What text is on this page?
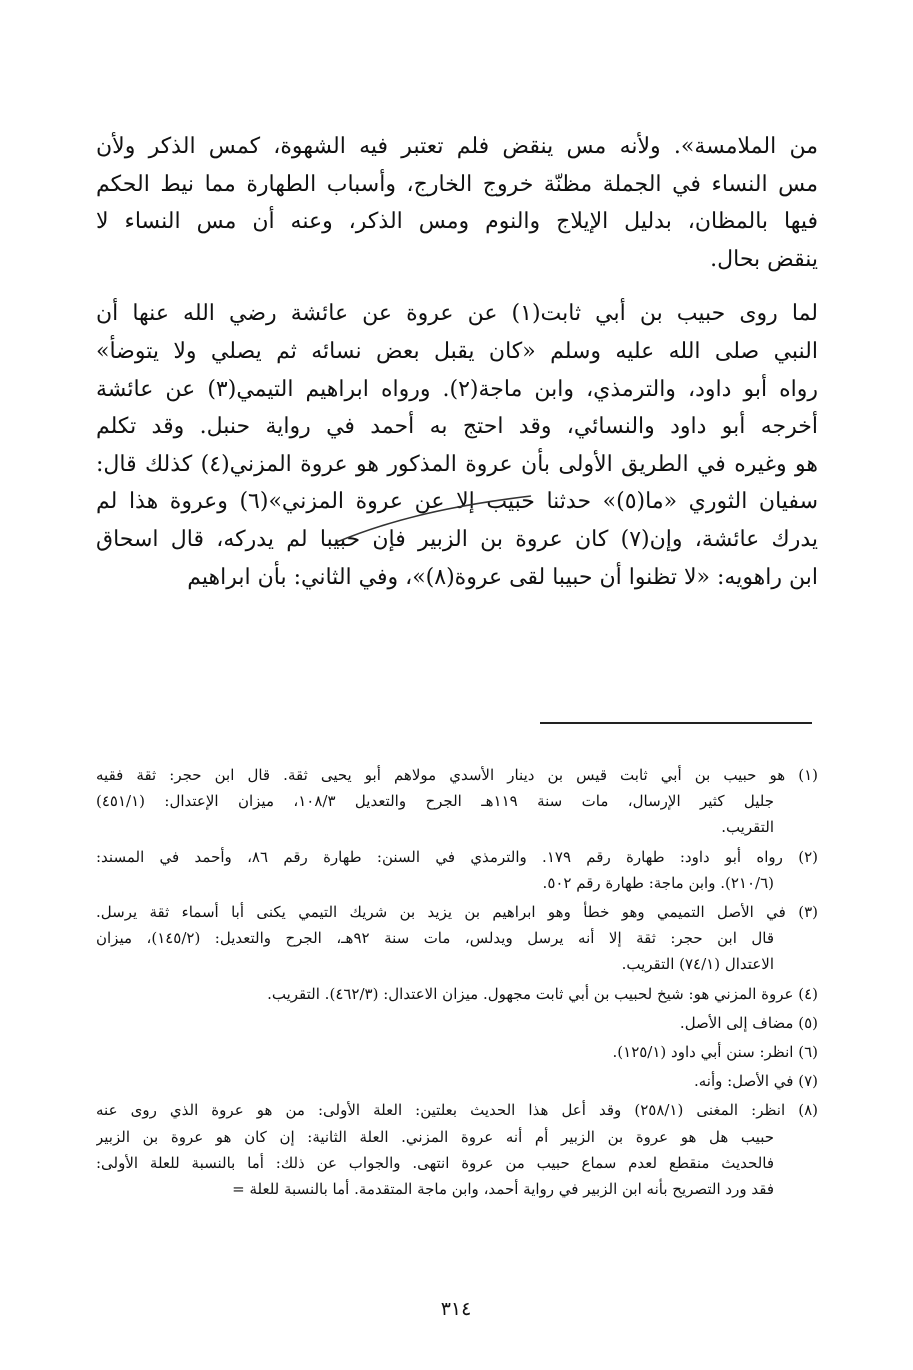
من الملامسة». ولأنه مس ينقض فلم تعتبر فيه الشهوة، كمس الذكر ولأن
مس النساء في الجملة مظنّة خروج الخارج، وأسباب الطهارة مما نيط الحكم
فيها بالمظان، بدليل الإيلاج والنوم ومس الذكر، وعنه أن مس النساء لا
ينقض بحال.

لما روى حبيب بن أبي ثابت(١) عن عروة عن عائشة رضي الله عنها أن
النبي صلى الله عليه وسلم «كان يقبل بعض نسائه ثم يصلي ولا يتوضأ»
رواه أبو داود، والترمذي، وابن ماجة(٢). ورواه ابراهيم التيمي(٣) عن عائشة
أخرجه أبو داود والنسائي، وقد احتج به أحمد في رواية حنبل. وقد تكلم
هو وغيره في الطريق الأولى بأن عروة المذكور هو عروة المزني(٤) كذلك قال:
سفيان الثوري «ما(٥)» حدثنا حبيب إلا عن عروة المزني»(٦) وعروة هذا لم
يدرك عائشة، وإن(٧) كان عروة بن الزبير فإن حبيبا لم يدركه، قال اسحاق
ابن راهويه: «لا تظنوا أن حبيبا لقى عروة(٨)»، وفي الثاني: بأن ابراهيم

(١) هو حبيب بن أبي ثابت قيس بن دينار الأسدي مولاهم أبو يحيى ثقة. قال ابن حجر: ثقة فقيه
جليل كثير الإرسال، مات سنة ١١٩هـ الجرح والتعديل ١٠٨/٣، ميزان الإعتدال: (٤٥١/١)
التقريب.
(٢) رواه أبو داود: طهارة رقم ١٧٩. والترمذي في السنن: طهارة رقم ٨٦، وأحمد في المسند:
(٢١٠/٦). وابن ماجة: طهارة رقم ٥٠٢.
(٣) في الأصل التميمي وهو خطأ وهو ابراهيم بن يزيد بن شريك التيمي يكنى أبا أسماء ثقة يرسل.
قال ابن حجر: ثقة إلا أنه يرسل ويدلس، مات سنة ٩٢هـ، الجرح والتعديل: (١٤٥/٢)، ميزان
الاعتدال (٧٤/١) التقريب.
(٤) عروة المزني هو: شيخ لحبيب بن أبي ثابت مجهول. ميزان الاعتدال: (٤٦٢/٣). التقريب.
(٥) مضاف إلى الأصل.
(٦) انظر: سنن أبي داود (١٢٥/١).
(٧) في الأصل: وأنه.
(٨) انظر: المغنى (٢٥٨/١) وقد أعل هذا الحديث بعلتين: العلة الأولى: من هو عروة الذي روى عنه
حبيب هل هو عروة بن الزبير أم أنه عروة المزني. العلة الثانية: إن كان هو عروة بن الزبير
فالحديث منقطع لعدم سماع حبيب من عروة انتهى. والجواب عن ذلك: أما بالنسبة للعلة الأولى:
فقد ورد التصريح بأنه ابن الزبير في رواية أحمد، وابن ماجة المتقدمة. أما بالنسبة للعلة =
٣١٤
